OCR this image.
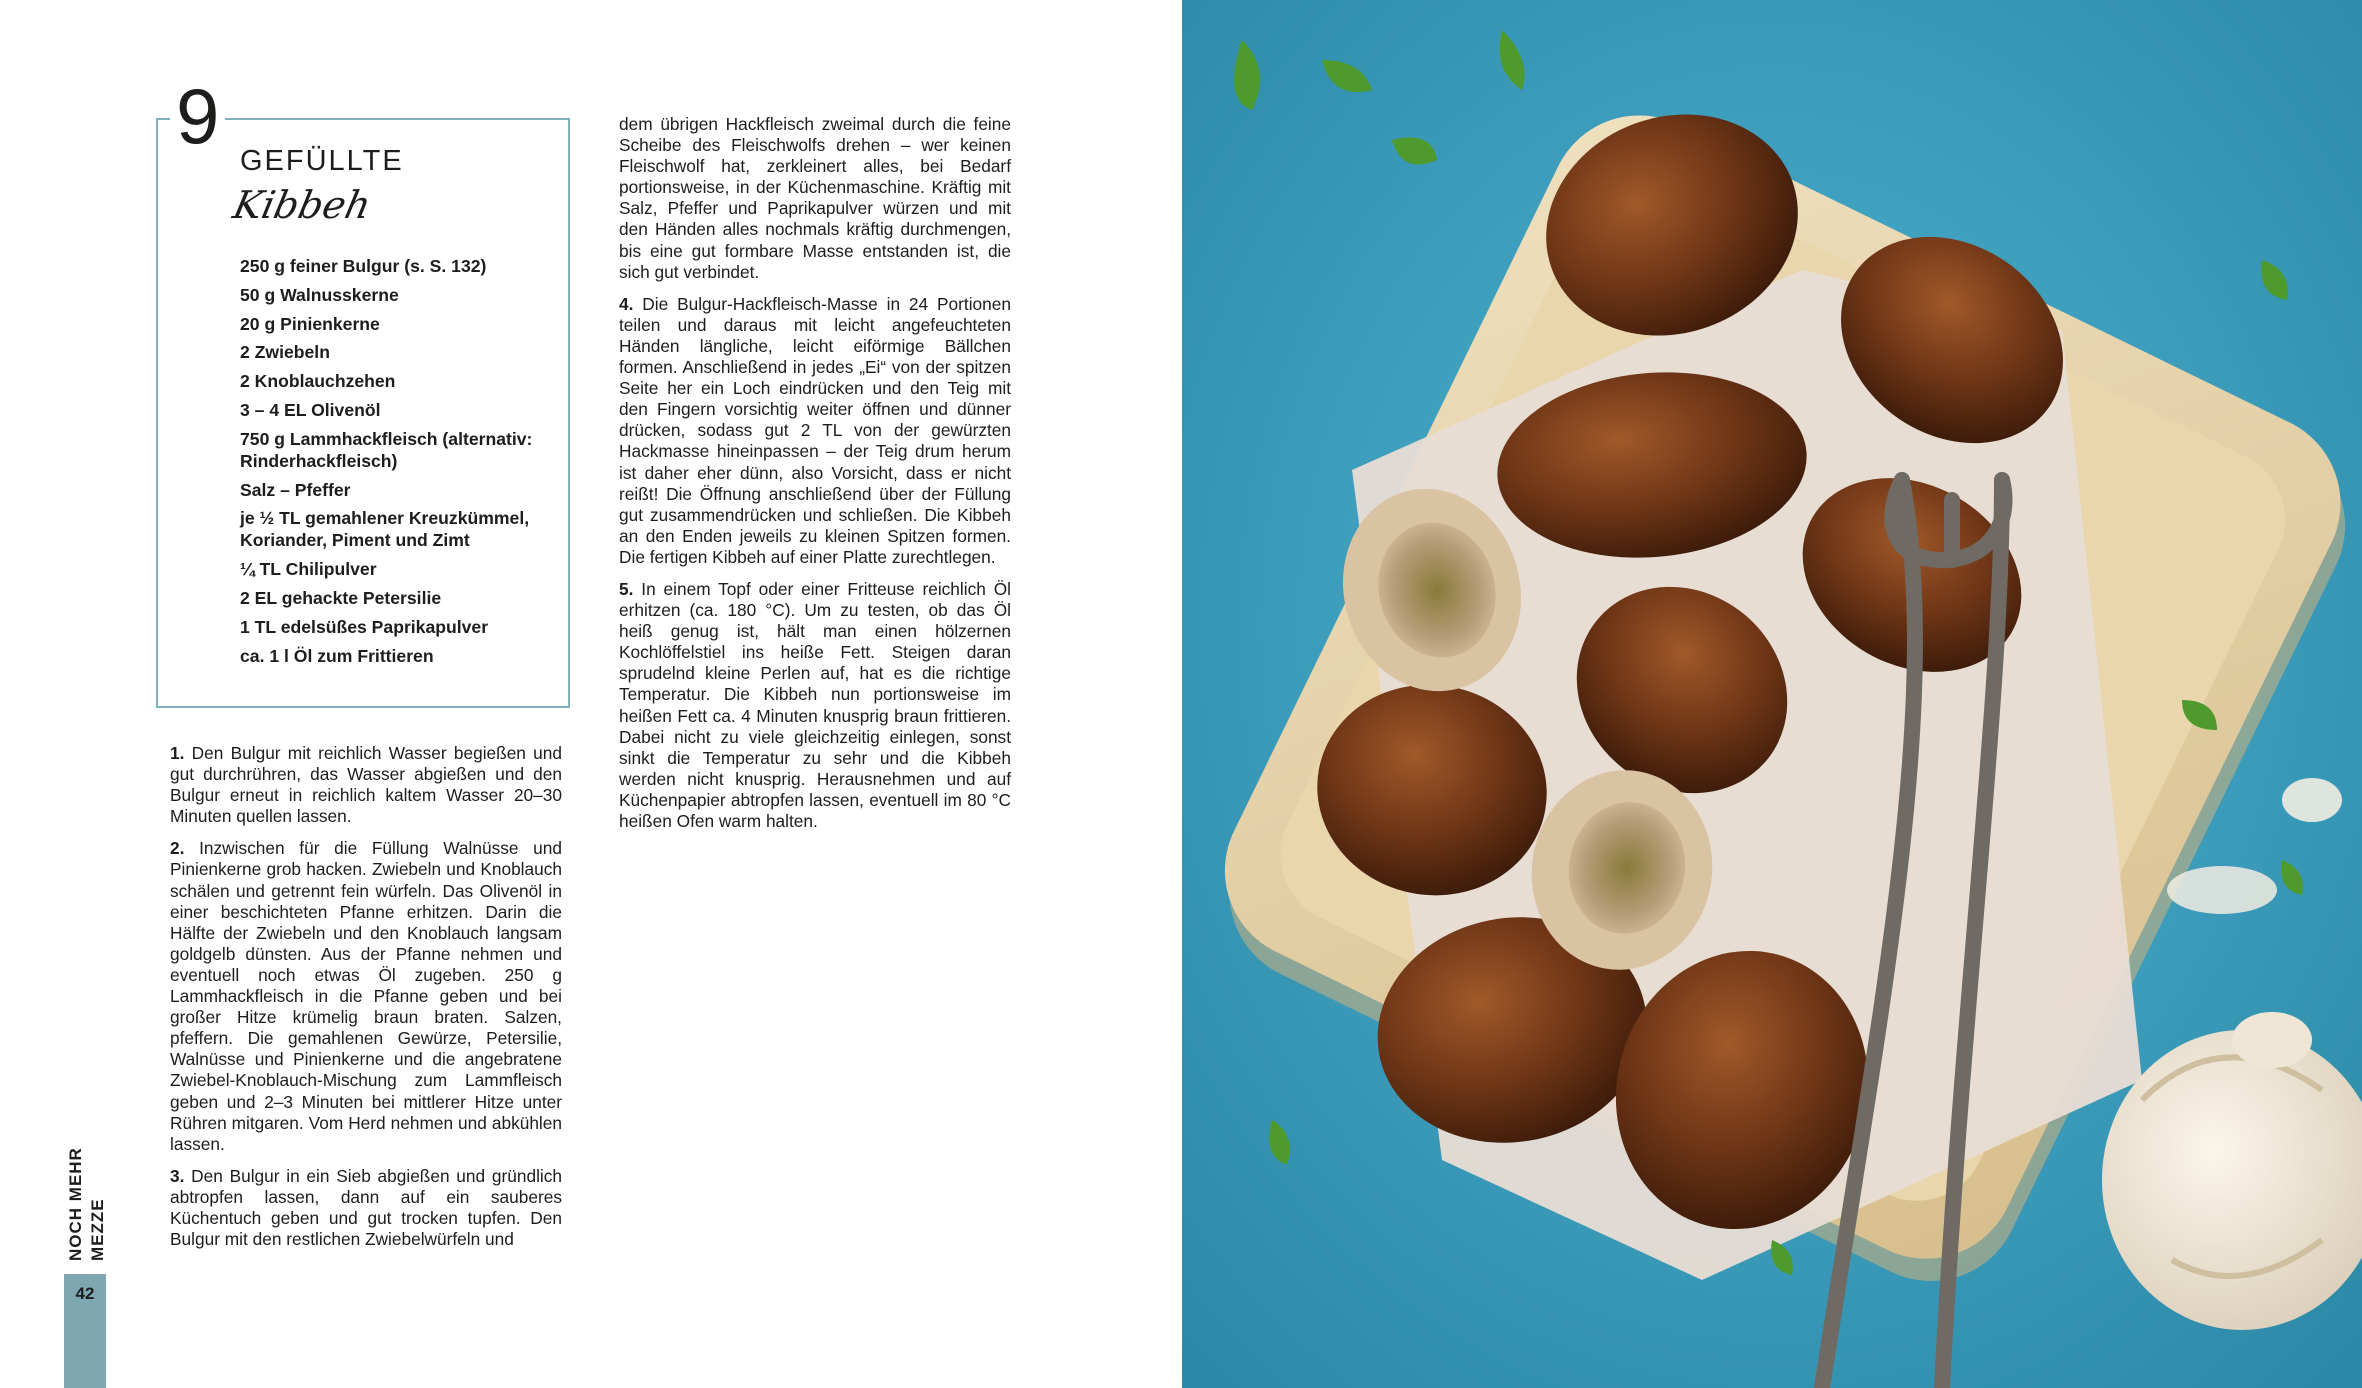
9
GEFÜLLTE
Kibbeh
250 g feiner Bulgur (s. S. 132)
50 g Walnusskerne
20 g Pinienkerne
2 Zwiebeln
2 Knoblauchzehen
3 – 4 EL Olivenöl
750 g Lammhackfleisch (alternativ: Rinderhackfleisch)
Salz – Pfeffer
je ½ TL gemahlener Kreuzkümmel, Koriander, Piment und Zimt
¼ TL Chilipulver
2 EL gehackte Petersilie
1 TL edelsüßes Paprikapulver
ca. 1 l Öl zum Frittieren

1. Den Bulgur mit reichlich Wasser begießen und gut durchrühren, das Wasser abgießen und den Bulgur erneut in reichlich kaltem Wasser 20–30 Minuten quellen lassen.

2. Inzwischen für die Füllung Walnüsse und Pinienkerne grob hacken. Zwiebeln und Knoblauch schälen und getrennt fein würfeln. Das Olivenöl in einer beschichteten Pfanne erhitzen. Darin die Hälfte der Zwiebeln und den Knoblauch langsam goldgelb dünsten. Aus der Pfanne nehmen und eventuell noch etwas Öl zugeben. 250 g Lammhackfleisch in die Pfanne geben und bei großer Hitze krümelig braun braten. Salzen, pfeffern. Die gemahlenen Gewürze, Petersilie, Walnüsse und Pinienkerne und die angebratene Zwiebel-Knoblauch-Mischung zum Lammfleisch geben und 2–3 Minuten bei mittlerer Hitze unter Rühren mitgaren. Vom Herd nehmen und abkühlen lassen.

3. Den Bulgur in ein Sieb abgießen und gründlich abtropfen lassen, dann auf ein sauberes Küchentuch geben und gut trocken tupfen. Den Bulgur mit den restlichen Zwiebelwürfeln und

dem übrigen Hackfleisch zweimal durch die feine Scheibe des Fleischwolfs drehen – wer keinen Fleischwolf hat, zerkleinert alles, bei Bedarf portionsweise, in der Küchenmaschine. Kräftig mit Salz, Pfeffer und Paprikapulver würzen und mit den Händen alles nochmals kräftig durchmengen, bis eine gut formbare Masse entstanden ist, die sich gut verbindet.

4. Die Bulgur-Hackfleisch-Masse in 24 Portionen teilen und daraus mit leicht angefeuchteten Händen längliche, leicht eiförmige Bällchen formen. Anschließend in jedes „Ei“ von der spitzen Seite her ein Loch eindrücken und den Teig mit den Fingern vorsichtig weiter öffnen und dünner drücken, sodass gut 2 TL von der gewürzten Hackmasse hineinpassen – der Teig drum herum ist daher eher dünn, also Vorsicht, dass er nicht reißt! Die Öffnung anschließend über der Füllung gut zusammendrücken und schließen. Die Kibbeh an den Enden jeweils zu kleinen Spitzen formen. Die fertigen Kibbeh auf einer Platte zurechtlegen.

5. In einem Topf oder einer Fritteuse reichlich Öl erhitzen (ca. 180 °C). Um zu testen, ob das Öl heiß genug ist, hält man einen hölzernen Kochlöffelstiel ins heiße Fett. Steigen daran sprudelnd kleine Perlen auf, hat es die richtige Temperatur. Die Kibbeh nun portionsweise im heißen Fett ca. 4 Minuten knusprig braun frittieren. Dabei nicht zu viele gleichzeitig einlegen, sonst sinkt die Temperatur zu sehr und die Kibbeh werden nicht knusprig. Herausnehmen und auf Küchenpapier abtropfen lassen, eventuell im 80 °C heißen Ofen warm halten.

NOCH MEHR MEZZE
42
